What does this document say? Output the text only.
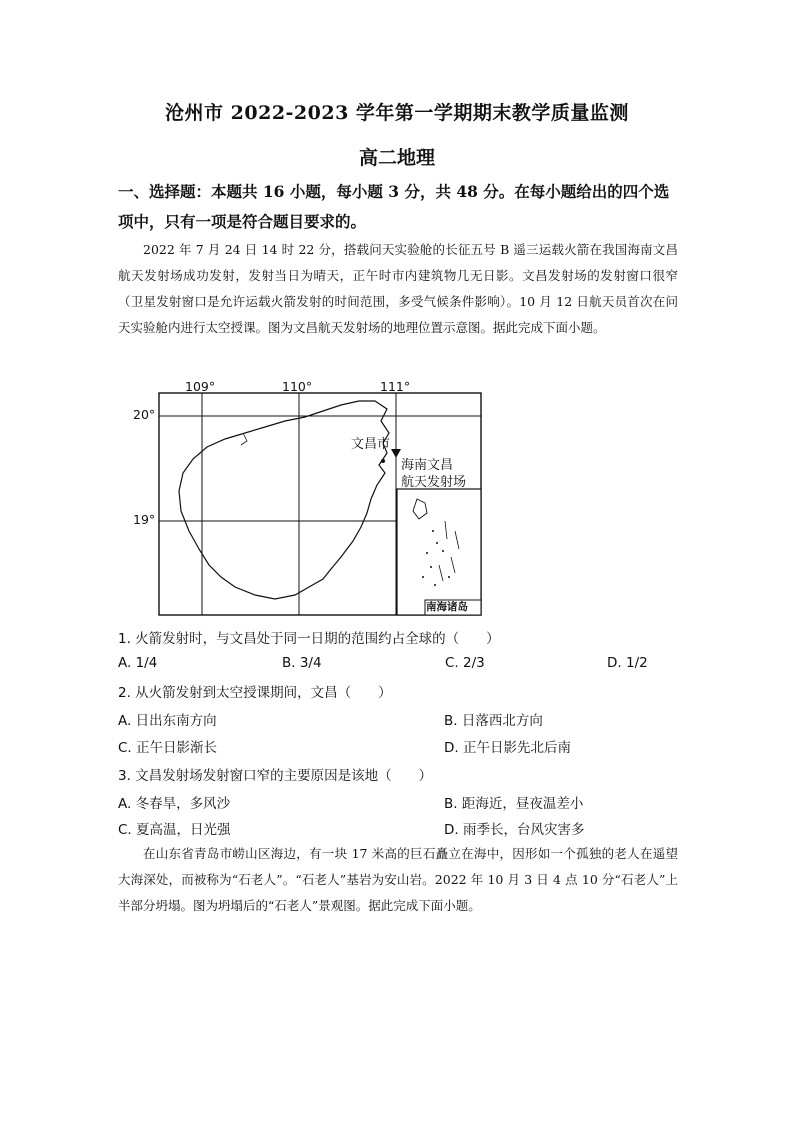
沧州市 2022-2023 学年第一学期期末教学质量监测
高二地理
一、选择题：本题共 16 小题，每小题 3 分，共 48 分。在每小题给出的四个选
项中，只有一项是符合题目要求的。

2022 年 7 月 24 日 14 时 22 分，搭载问天实验舱的长征五号 B 遥三运载火箭在我国海南文昌航天发射场成功发射，发射当日为晴天，正午时市内建筑物几无日影。文昌发射场的发射窗口很窄（卫星发射窗口是允许运载火箭发射的时间范围，多受气候条件影响）。10 月 12 日航天员首次在问天实验舱内进行太空授课。图为文昌航天发射场的地理位置示意图。据此完成下面小题。

109°	110°	111°
20°
19°
文昌市
海南文昌
航天发射场
南海诸岛
1. 火箭发射时，与文昌处于同一日期的范围约占全球的（　　）
A. 1/4	B. 3/4	C. 2/3	D. 1/2
2. 从火箭发射到太空授课期间，文昌（　　）
A. 日出东南方向	B. 日落西北方向
C. 正午日影渐长	D. 正午日影先北后南
3. 文昌发射场发射窗口窄的主要原因是该地（　　）
A. 冬春旱，多风沙	B. 距海近，昼夜温差小
C. 夏高温，日光强	D. 雨季长，台风灾害多

在山东省青岛市崂山区海边，有一块 17 米高的巨石矗立在海中，因形如一个孤独的老人在遥望大海深处，而被称为“石老人”。“石老人”基岩为安山岩。2022 年 10 月 3 日 4 点 10 分“石老人”上半部分坍塌。图为坍塌后的“石老人”景观图。据此完成下面小题。
